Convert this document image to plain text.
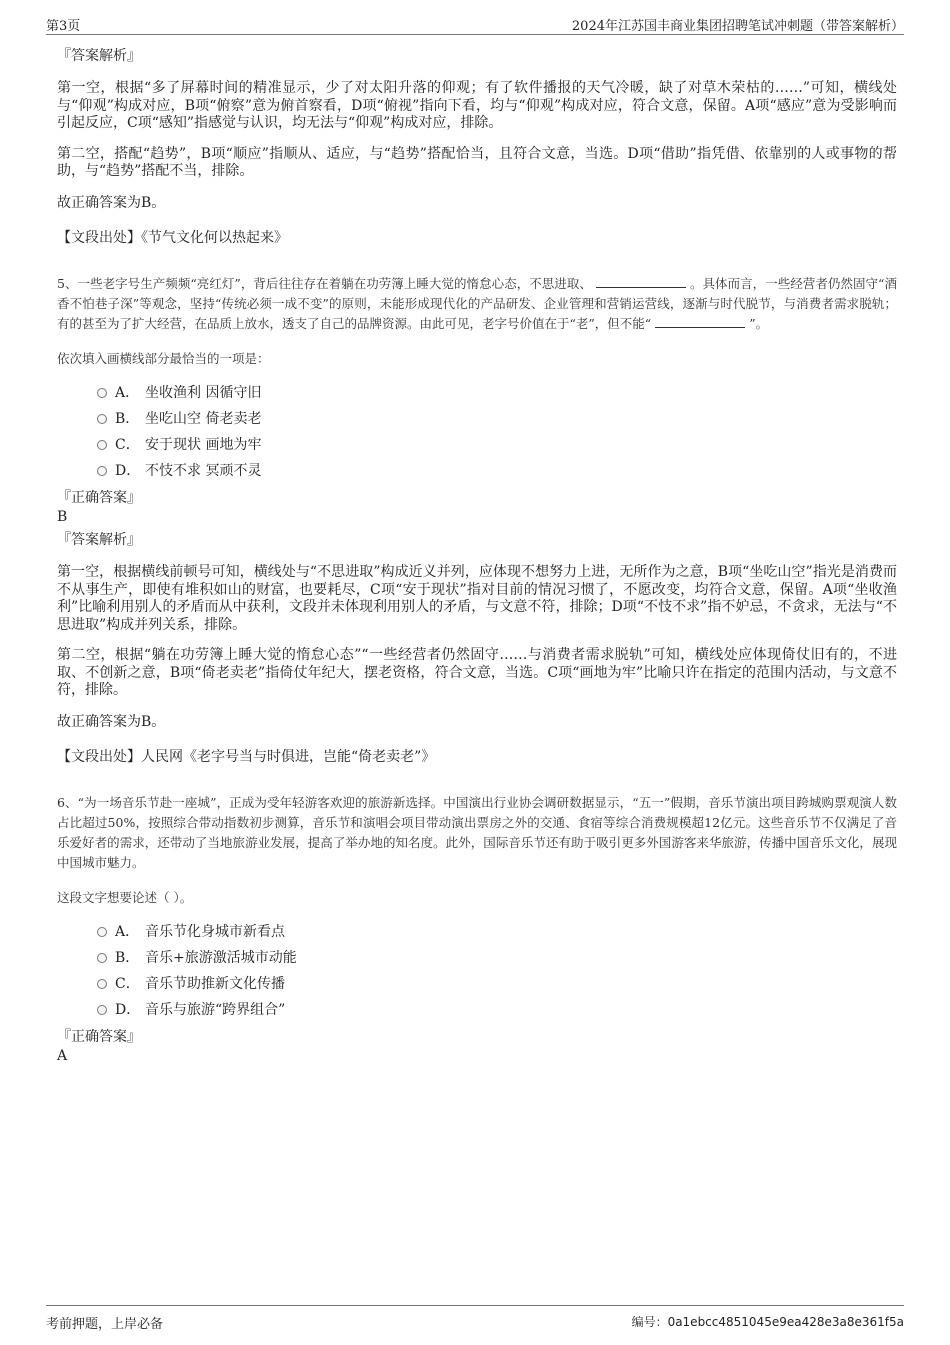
第3页	2024年江苏国丰商业集团招聘笔试冲刺题（带答案解析）
『答案解析』

第一空，根据“多了屏幕时间的精准显示，少了对太阳升落的仰观；有了软件播报的天气冷暖，缺了对草木荣枯的……”可知，横线处与“仰观”构成对应，B项“俯察”意为俯首察看，D项“俯视”指向下看，均与“仰观”构成对应，符合文意，保留。A项“感应”意为受影响而引起反应，C项“感知”指感觉与认识，均无法与“仰观”构成对应，排除。

第二空，搭配“趋势”，B项“顺应”指顺从、适应，与“趋势”搭配恰当，且符合文意，当选。D项“借助”指凭借、依靠别的人或事物的帮助，与“趋势”搭配不当，排除。

故正确答案为B。

【文段出处】《节气文化何以热起来》

5、一些老字号生产频频“亮红灯”，背后往往存在着躺在功劳簿上睡大觉的惰怠心态，不思进取、	。具体而言，一些经营者仍然固守“酒香不怕巷子深”等观念，坚持“传统必须一成不变”的原则，未能形成现代化的产品研发、企业管理和营销运营线，逐渐与时代脱节，与消费者需求脱轨；有的甚至为了扩大经营，在品质上放水，透支了自己的品牌资源。由此可见，老字号价值在于“老”，但不能“	”。

依次填入画横线部分最恰当的一项是：
A． 坐收渔利 因循守旧
B． 坐吃山空 倚老卖老
C． 安于现状 画地为牢
D． 不忮不求 冥顽不灵
『正确答案』
B
『答案解析』

第一空，根据横线前顿号可知，横线处与“不思进取”构成近义并列，应体现不想努力上进，无所作为之意，B项“坐吃山空”指光是消费而不从事生产，即使有堆积如山的财富，也要耗尽，C项“安于现状”指对目前的情况习惯了，不愿改变，均符合文意，保留。A项“坐收渔利”比喻利用别人的矛盾而从中获利，文段并未体现利用别人的矛盾，与文意不符，排除；D项“不忮不求”指不妒忌，不贪求，无法与“不思进取”构成并列关系，排除。

第二空，根据“躺在功劳簿上睡大觉的惰怠心态”“一些经营者仍然固守……与消费者需求脱轨”可知，横线处应体现倚仗旧有的，不进取、不创新之意，B项“倚老卖老”指倚仗年纪大，摆老资格，符合文意，当选。C项“画地为牢”比喻只许在指定的范围内活动，与文意不符，排除。

故正确答案为B。

【文段出处】人民网《老字号当与时俱进，岂能“倚老卖老”》

6、“为一场音乐节赴一座城”，正成为受年轻游客欢迎的旅游新选择。中国演出行业协会调研数据显示，“五一”假期，音乐节演出项目跨城购票观演人数占比超过50%，按照综合带动指数初步测算，音乐节和演唱会项目带动演出票房之外的交通、食宿等综合消费规模超12亿元。这些音乐节不仅满足了音乐爱好者的需求，还带动了当地旅游业发展，提高了举办地的知名度。此外，国际音乐节还有助于吸引更多外国游客来华旅游，传播中国音乐文化，展现中国城市魅力。

这段文字想要论述（ ）。
A． 音乐节化身城市新看点
B． 音乐+旅游激活城市动能
C． 音乐节助推新文化传播
D． 音乐与旅游“跨界组合”
『正确答案』
A
考前押题，上岸必备	编号：0a1ebcc4851045e9ea428e3a8e361f5a
